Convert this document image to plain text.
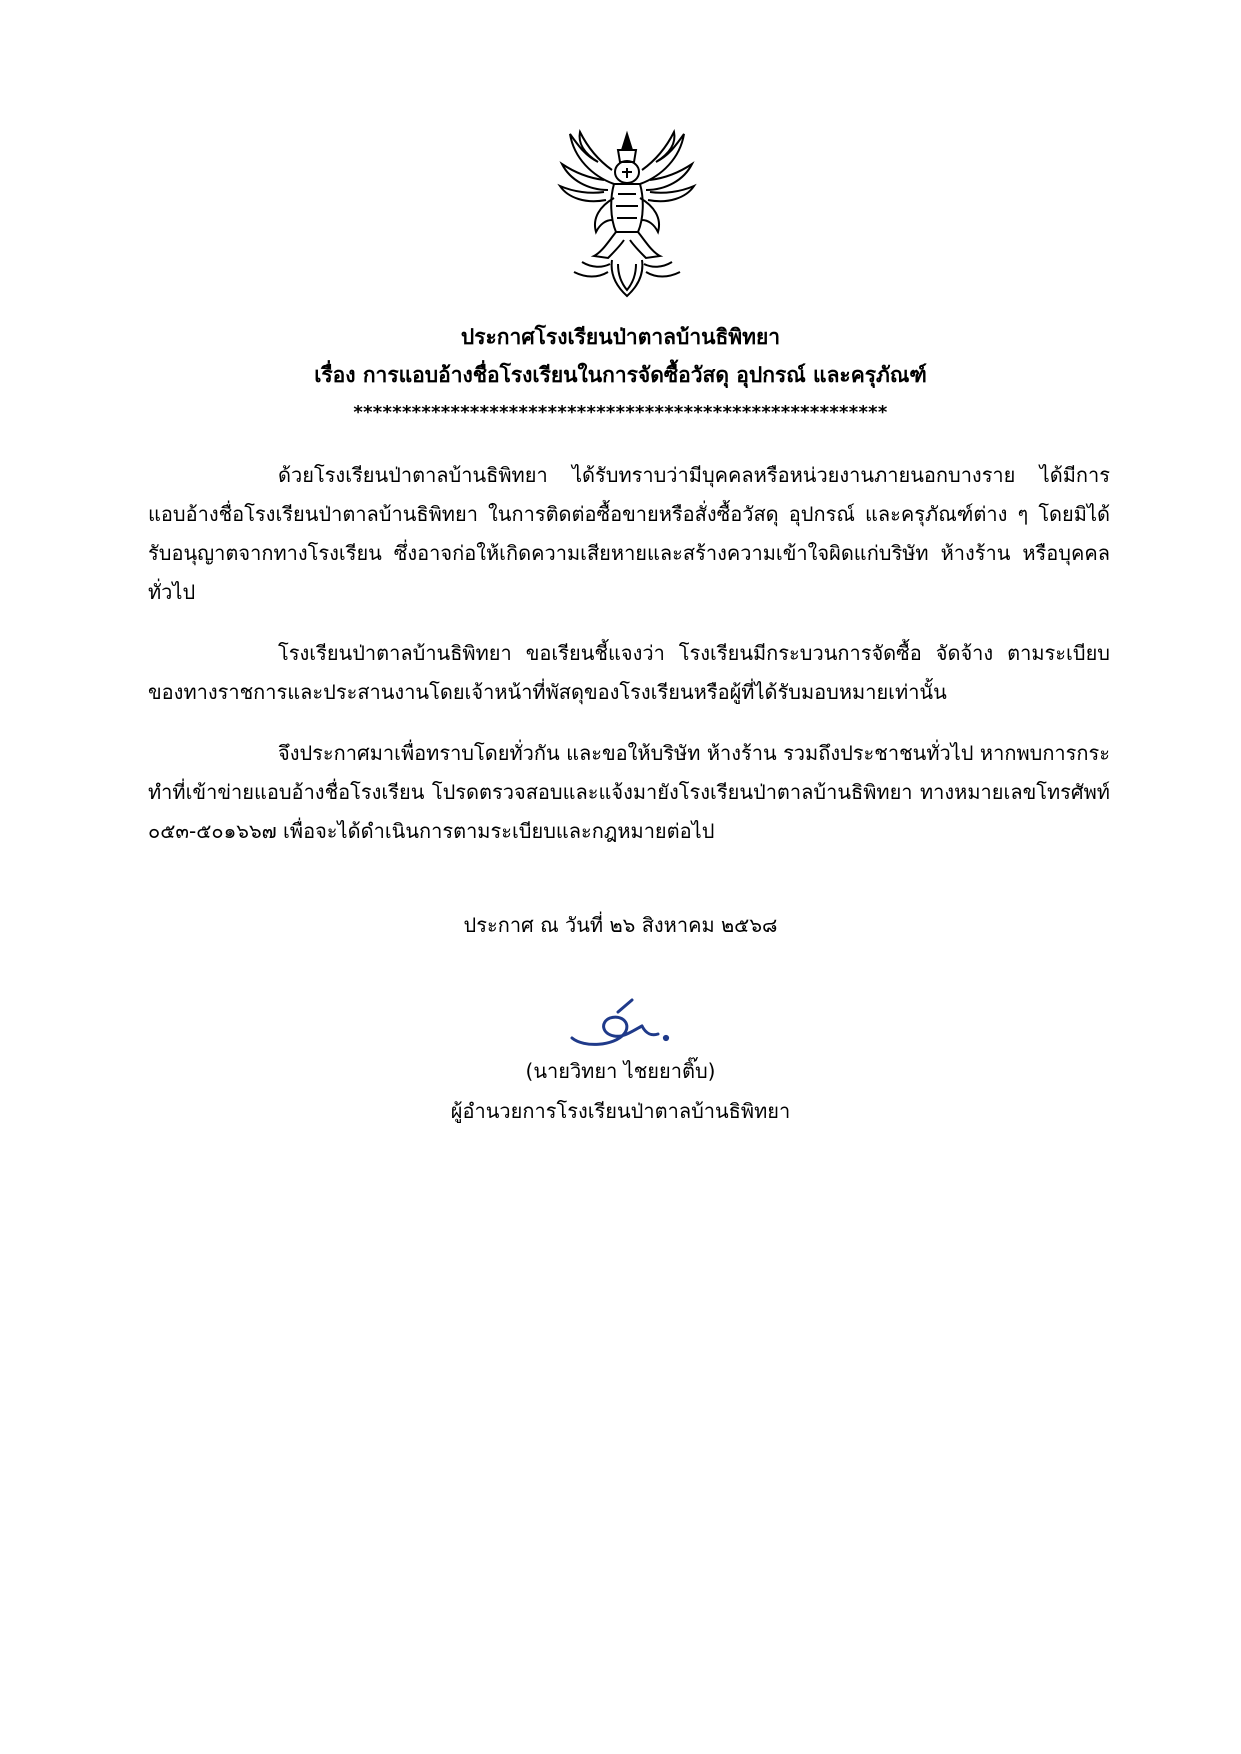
ประกาศโรงเรียนป่าตาลบ้านธิพิทยา
เรื่อง การแอบอ้างชื่อโรงเรียนในการจัดซื้อวัสดุ อุปกรณ์ และครุภัณฑ์
*******************************************************
ด้วยโรงเรียนป่าตาลบ้านธิพิทยา ได้รับทราบว่ามีบุคคลหรือหน่วยงานภายนอกบางราย ได้มีการแอบอ้างชื่อโรงเรียนป่าตาลบ้านธิพิทยา ในการติดต่อซื้อขายหรือสั่งซื้อวัสดุ อุปกรณ์ และครุภัณฑ์ต่าง ๆ โดยมิได้รับอนุญาตจากทางโรงเรียน ซึ่งอาจก่อให้เกิดความเสียหายและสร้างความเข้าใจผิดแก่บริษัท ห้างร้าน หรือบุคคลทั่วไป
โรงเรียนป่าตาลบ้านธิพิทยา ขอเรียนชี้แจงว่า โรงเรียนมีกระบวนการจัดซื้อ จัดจ้าง ตามระเบียบของทางราชการและประสานงานโดยเจ้าหน้าที่พัสดุของโรงเรียนหรือผู้ที่ได้รับมอบหมายเท่านั้น
จึงประกาศมาเพื่อทราบโดยทั่วกัน และขอให้บริษัท ห้างร้าน รวมถึงประชาชนทั่วไป หากพบการกระทำที่เข้าข่ายแอบอ้างชื่อโรงเรียน โปรดตรวจสอบและแจ้งมายังโรงเรียนป่าตาลบ้านธิพิทยา ทางหมายเลขโทรศัพท์ ๐๕๓-๕๐๑๖๖๗ เพื่อจะได้ดำเนินการตามระเบียบและกฎหมายต่อไป
ประกาศ ณ วันที่ ๒๖ สิงหาคม ๒๕๖๘
(นายวิทยา ไชยยาติ๊บ)
ผู้อำนวยการโรงเรียนป่าตาลบ้านธิพิทยา
